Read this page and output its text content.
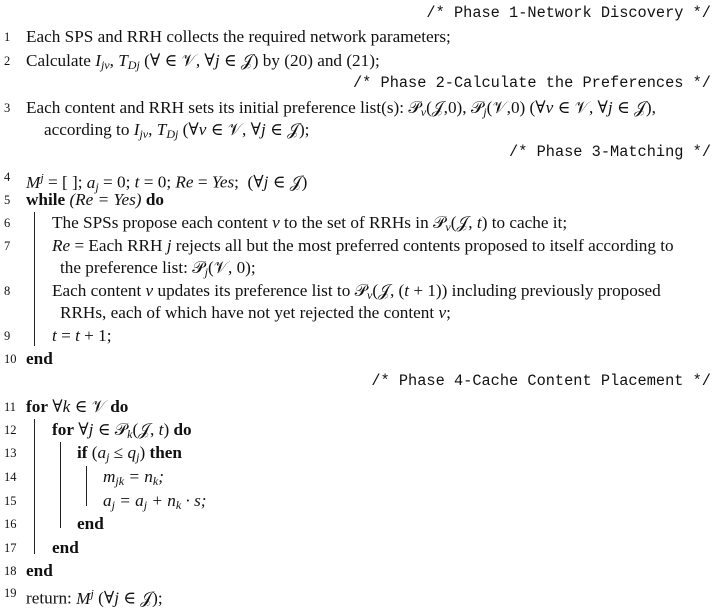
/* Phase 1-Network Discovery */
1 Each SPS and RRH collects the required network parameters;
2 Calculate $I_{jv}$, $T_{Dj}$ (∀ ∈ 𝒱, ∀j ∈ 𝒥) by (20) and (21);
/* Phase 2-Calculate the Preferences */
3 Each content and RRH sets its initial preference list(s): 𝒫$_v$(𝒥,0), 𝒫$_j$(𝒱,0) (∀v ∈ 𝒱, ∀j ∈ 𝒥),
according to $I_{jv}$, $T_{Dj}$ (∀v ∈ 𝒱, ∀j ∈ 𝒥);
/* Phase 3-Matching */
4 $M^j$ = [ ]; $a_j = 0$; t = 0; Re = Yes;  (∀j ∈ 𝒥)
5 while (Re = Yes) do
6	The SPSs propose each content v to the set of RRHs in 𝒫$_v$(𝒥, t) to cache it;
7	Re = Each RRH j rejects all but the most preferred contents proposed to itself according to
the preference list: 𝒫$_j$(𝒱, 0);
8	Each content v updates its preference list to 𝒫$_v$(𝒥, (t + 1)) including previously proposed
RRHs, each of which have not yet rejected the content v;
9	t = t + 1;
10 end
/* Phase 4-Cache Content Placement */
11 for ∀k ∈ 𝒱 do
12	for ∀j ∈ 𝒫$_k$(𝒥, t) do
13	if $(a_j \le q_j)$ then
14	$m_{jk} = n_k$;
15	$a_j = a_j + n_k \cdot s$;
16	end
17	end
18 end
19 return: $M^j$ (∀j ∈ 𝒥);
